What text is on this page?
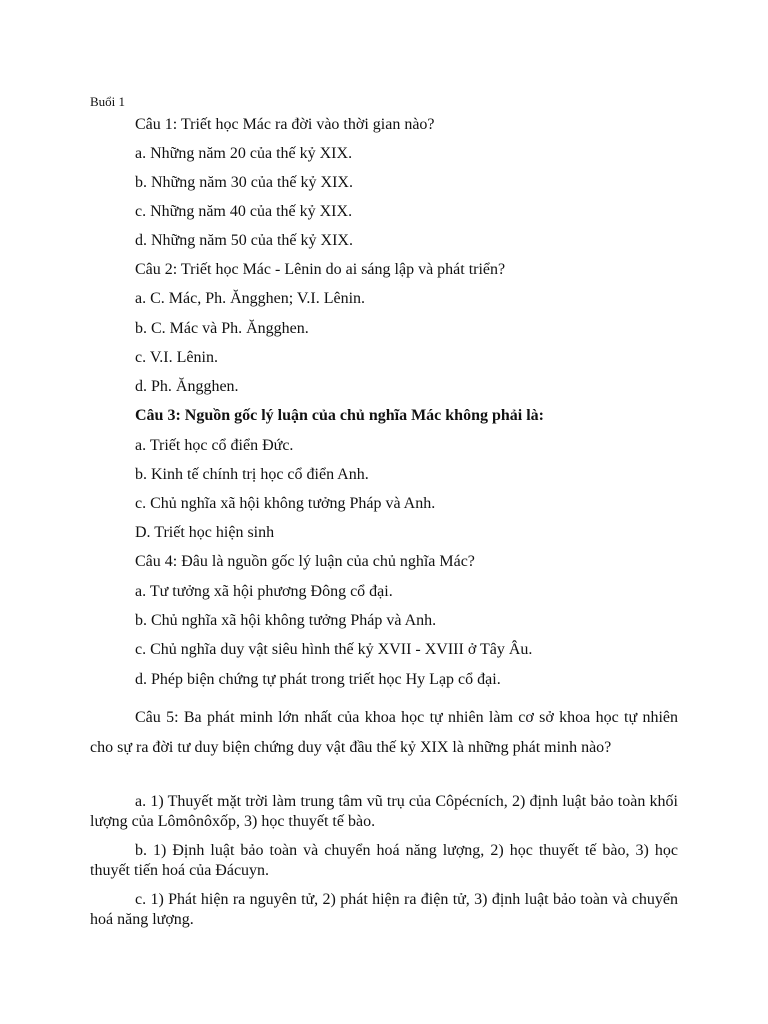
Buổi 1
Câu 1: Triết học Mác ra đời vào thời gian nào?
a. Những năm 20 của thế kỷ XIX.
b. Những năm 30 của thế kỷ XIX.
c. Những năm 40 của thế kỷ XIX.
d. Những năm 50 của thế kỷ XIX.
Câu 2: Triết học Mác - Lênin do ai sáng lập và phát triển?
a. C. Mác, Ph. Ăngghen; V.I. Lênin.
b. C. Mác và Ph. Ăngghen.
c. V.I. Lênin.
d. Ph. Ăngghen.
Câu 3: Nguồn gốc lý luận của chủ nghĩa Mác không phải là:
a. Triết học cổ điển Đức.
b. Kinh tế chính trị học cổ điển Anh.
c. Chủ nghĩa xã hội không tưởng Pháp và Anh.
D. Triết học hiện sinh
Câu 4: Đâu là nguồn gốc lý luận của chủ nghĩa Mác?
a. Tư tưởng xã hội phương Đông cổ đại.
b. Chủ nghĩa xã hội không tưởng Pháp và Anh.
c. Chủ nghĩa duy vật siêu hình thế kỷ XVII - XVIII ở Tây Âu.
d. Phép biện chứng tự phát trong triết học Hy Lạp cổ đại.
Câu 5: Ba phát minh lớn nhất của khoa học tự nhiên làm cơ sở khoa học tự nhiên cho sự ra đời tư duy biện chứng duy vật đầu thế kỷ XIX là những phát minh nào?
a. 1) Thuyết mặt trời làm trung tâm vũ trụ của Côpécních, 2) định luật bảo toàn khối lượng của Lômônôxốp, 3) học thuyết tế bào.
b. 1) Định luật bảo toàn và chuyển hoá năng lượng, 2) học thuyết tế bào, 3) học thuyết tiến hoá của Đácuyn.
c. 1) Phát hiện ra nguyên tử, 2) phát hiện ra điện tử, 3) định luật bảo toàn và chuyển hoá năng lượng.
